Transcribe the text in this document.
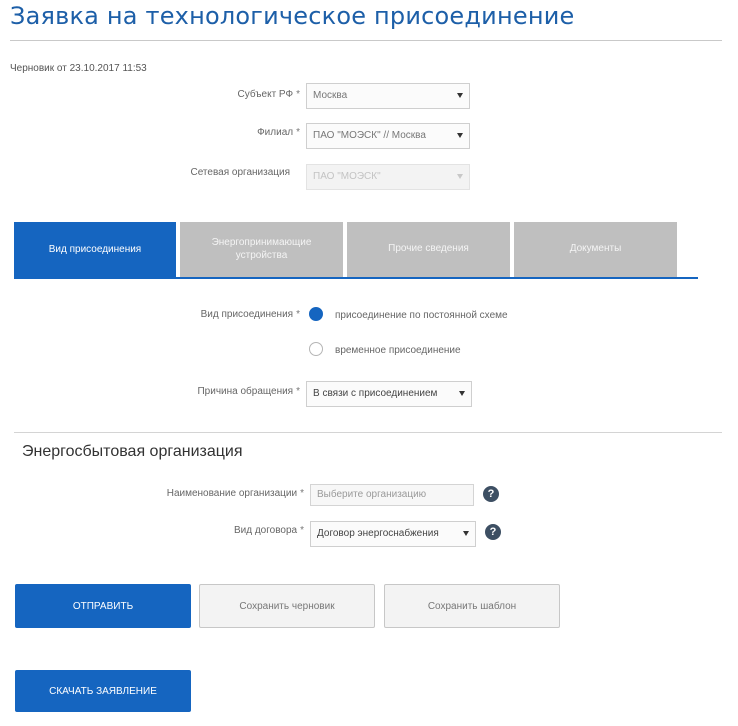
Заявка на технологическое присоединение
Черновик от 23.10.2017 11:53
Субъект РФ *	Москва
Филиал *	ПАО "МОЭСК" // Москва
Сетевая организация	ПАО "МОЭСК"
Вид присоединения
Энергопринимающие устройства
Прочие сведения	Документы
Вид присоединения *	присоединение по постоянной схеме
временное присоединение
Причина обращения *	В связи с присоединением
Энергосбытовая организация
Наименование организации *	Выберите организацию	?
Вид договора *	Договор энергоснабжения	?
ОТПРАВИТЬ	Сохранить черновик	Сохранить шаблон
СКАЧАТЬ ЗАЯВЛЕНИЕ
